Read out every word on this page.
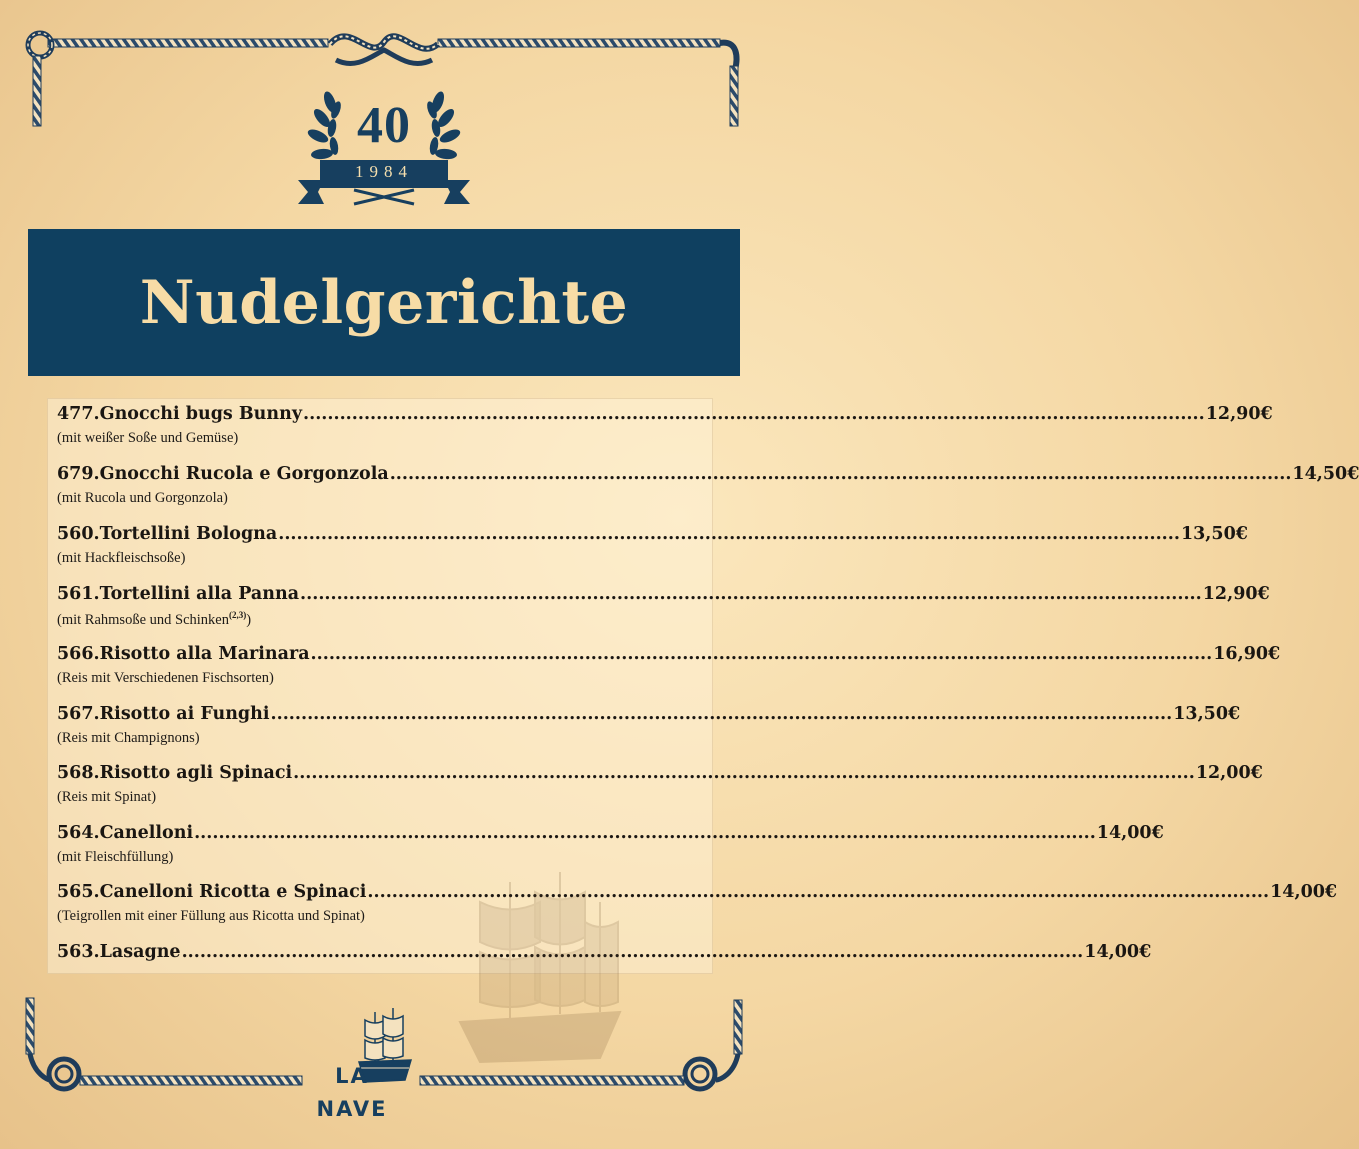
40
1984
Nudelgerichte
477.Gnocchi bugs Bunny .................................................................................................................................................... 12,90€
(mit weißer Soße und Gemüse)
679.Gnocchi Rucola e Gorgonzola .................................................................................................................................................... 14,50€
(mit Rucola und Gorgonzola)
560.Tortellini Bologna .................................................................................................................................................... 13,50€
(mit Hackfleischsoße)
561.Tortellini alla Panna .................................................................................................................................................... 12,90€
(mit Rahmsoße und Schinken$^{(2,3)}$)
566.Risotto alla Marinara .................................................................................................................................................... 16,90€
(Reis mit Verschiedenen Fischsorten)
567.Risotto ai Funghi .................................................................................................................................................... 13,50€
(Reis mit Champignons)
568.Risotto agli Spinaci .................................................................................................................................................... 12,00€
(Reis mit Spinat)
564.Canelloni .................................................................................................................................................... 14,00€
(mit Fleischfüllung)
565.Canelloni Ricotta e Spinaci .................................................................................................................................................... 14,00€
(Teigrollen mit einer Füllung aus Ricotta und Spinat)
563.Lasagne .................................................................................................................................................... 14,00€
LA
NAVE
